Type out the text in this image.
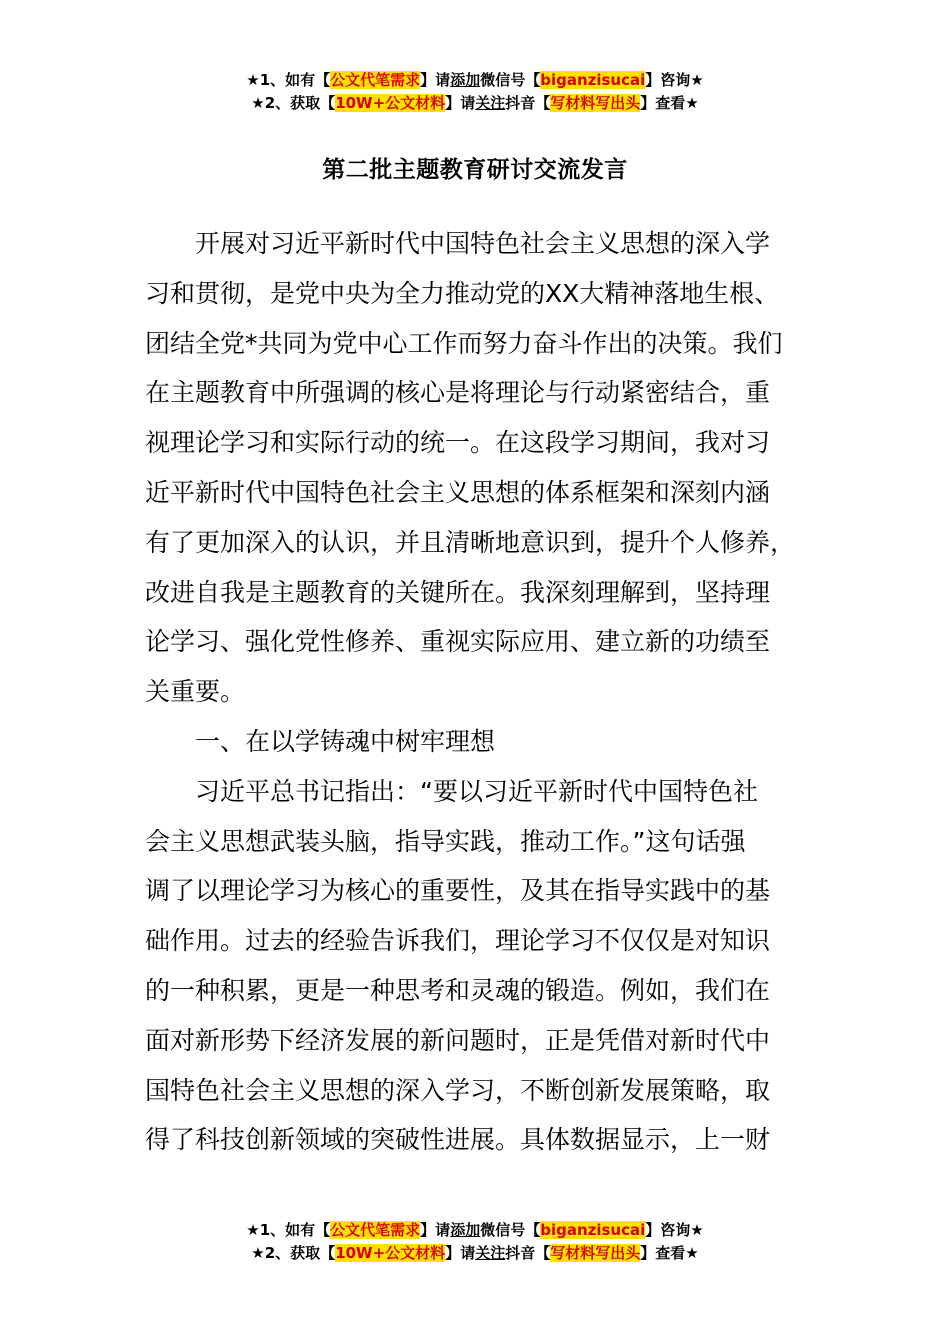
★1、如有【公文代笔需求】请添加微信号【biganzisucai】咨询★
★2、获取【10W+公文材料】请关注抖音【写材料写出头】查看★
第二批主题教育研讨交流发言
开展对习近平新时代中国特色社会主义思想的深入学
习和贯彻，是党中央为全力推动党的XX大精神落地生根、
团结全党*共同为党中心工作而努力奋斗作出的决策。我们
在主题教育中所强调的核心是将理论与行动紧密结合，重
视理论学习和实际行动的统一。在这段学习期间，我对习
近平新时代中国特色社会主义思想的体系框架和深刻内涵
有了更加深入的认识，并且清晰地意识到，提升个人修养，
改进自我是主题教育的关键所在。我深刻理解到，坚持理
论学习、强化党性修养、重视实际应用、建立新的功绩至
关重要。
一、在以学铸魂中树牢理想
习近平总书记指出：“要以习近平新时代中国特色社
会主义思想武装头脑，指导实践，推动工作。”这句话强
调了以理论学习为核心的重要性，及其在指导实践中的基
础作用。过去的经验告诉我们，理论学习不仅仅是对知识
的一种积累，更是一种思考和灵魂的锻造。例如，我们在
面对新形势下经济发展的新问题时，正是凭借对新时代中
国特色社会主义思想的深入学习，不断创新发展策略，取
得了科技创新领域的突破性进展。具体数据显示，上一财
★1、如有【公文代笔需求】请添加微信号【biganzisucai】咨询★
★2、获取【10W+公文材料】请关注抖音【写材料写出头】查看★
